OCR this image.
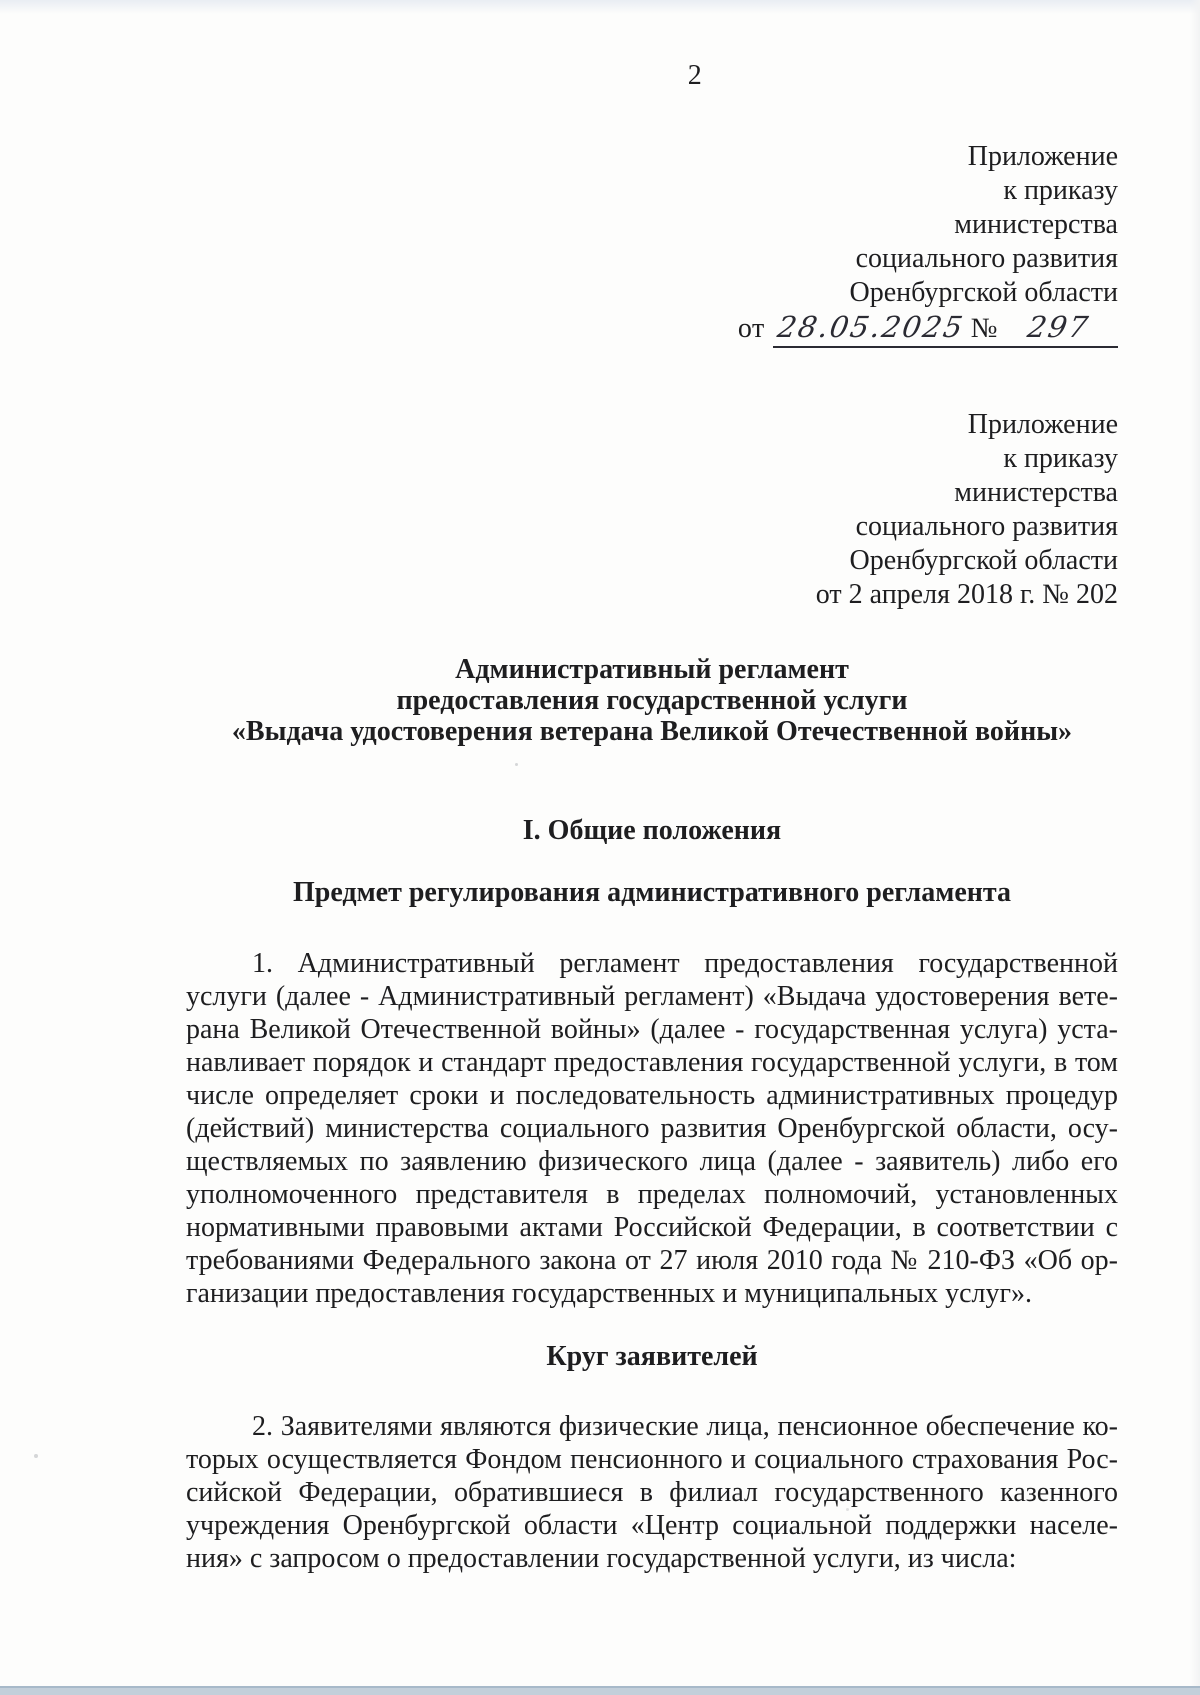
2
Приложение
к приказу
министерства
социального развития
Оренбургской области
от 28.05.2025 № 297
Приложение
к приказу
министерства
социального развития
Оренбургской области
от 2 апреля 2018 г. № 202
Административный регламент
предоставления государственной услуги
«Выдача удостоверения ветерана Великой Отечественной войны»
I. Общие положения
Предмет регулирования административного регламента
1. Административный регламент предоставления государственной
услуги (далее - Административный регламент) «Выдача удостоверения вете-
рана Великой Отечественной войны» (далее - государственная услуга) уста-
навливает порядок и стандарт предоставления государственной услуги, в том
числе определяет сроки и последовательность административных процедур
(действий) министерства социального развития Оренбургской области, осу-
ществляемых по заявлению физического лица (далее - заявитель) либо его
уполномоченного представителя в пределах полномочий, установленных
нормативными правовыми актами Российской Федерации, в соответствии с
требованиями Федерального закона от 27 июля 2010 года № 210-ФЗ «Об ор-
ганизации предоставления государственных и муниципальных услуг».
Круг заявителей
2. Заявителями являются физические лица, пенсионное обеспечение ко-
торых осуществляется Фондом пенсионного и социального страхования Рос-
сийской Федерации, обратившиеся в филиал государственного казенного
учреждения Оренбургской области «Центр социальной поддержки населе-
ния» с запросом о предоставлении государственной услуги, из числа:
